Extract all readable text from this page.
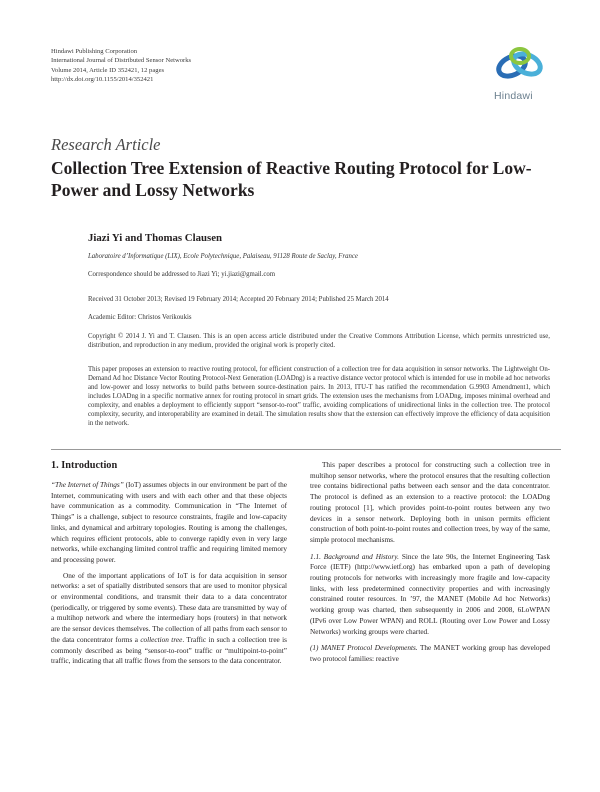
Hindawi Publishing Corporation
International Journal of Distributed Sensor Networks
Volume 2014, Article ID 352421, 12 pages
http://dx.doi.org/10.1155/2014/352421
Hindawi
Research Article
Collection Tree Extension of Reactive Routing Protocol for Low-Power and Lossy Networks
Jiazi Yi and Thomas Clausen
Laboratoire d’Informatique (LIX), Ecole Polytechnique, Palaiseau, 91128 Route de Saclay, France
Correspondence should be addressed to Jiazi Yi; yi.jiazi@gmail.com
Received 31 October 2013; Revised 19 February 2014; Accepted 20 February 2014; Published 25 March 2014
Academic Editor: Christos Verikoukis
Copyright © 2014 J. Yi and T. Clausen. This is an open access article distributed under the Creative Commons Attribution License, which permits unrestricted use, distribution, and reproduction in any medium, provided the original work is properly cited.
This paper proposes an extension to reactive routing protocol, for efficient construction of a collection tree for data acquisition in sensor networks. The Lightweight On-Demand Ad hoc Distance Vector Routing Protocol-Next Generation (LOADng) is a reactive distance vector protocol which is intended for use in mobile ad hoc networks and low-power and lossy networks to build paths between source-destination pairs. In 2013, ITU-T has ratified the recommendation G.9903 Amendment1, which includes LOADng in a specific normative annex for routing protocol in smart grids. The extension uses the mechanisms from LOADng, imposes minimal overhead and complexity, and enables a deployment to efficiently support “sensor-to-root” traffic, avoiding complications of unidirectional links in the collection tree. The protocol complexity, security, and interoperability are examined in detail. The simulation results show that the extension can effectively improve the efficiency of data acquisition in the network.
1. Introduction

“The Internet of Things” (IoT) assumes objects in our environment be part of the Internet, communicating with users and with each other and that these objects have communication as a commodity. Communication in “The Internet of Things” is a challenge, subject to resource constraints, fragile and low-capacity links, and dynamical and arbitrary topologies. Routing is among the challenges, which requires efficient protocols, able to converge rapidly even in very large networks, while exchanging limited control traffic and requiring limited memory and processing power.

One of the important applications of IoT is for data acquisition in sensor networks: a set of spatially distributed sensors that are used to monitor physical or environmental conditions, and transmit their data to a data concentrator (periodically, or triggered by some events). These data are transmitted by way of a multihop network and where the intermediary hops (routers) in that network are the sensor devices themselves. The collection of all paths from each sensor to the data concentrator forms a collection tree. Traffic in such a collection tree is commonly described as being “sensor-to-root” traffic or “multipoint-to-point” traffic, indicating that all traffic flows from the sensors to the data concentrator.

This paper describes a protocol for constructing such a collection tree in multihop sensor networks, where the protocol ensures that the resulting collection tree contains bidirectional paths between each sensor and the data concentrator. The protocol is defined as an extension to a reactive protocol: the LOADng routing protocol [1], which provides point-to-point routes between any two devices in a sensor network. Deploying both in unison permits efficient construction of both point-to-point routes and collection trees, by way of the same, simple protocol mechanisms.

1.1. Background and History. Since the late 90s, the Internet Engineering Task Force (IETF) (http://www.ietf.org) has embarked upon a path of developing routing protocols for networks with increasingly more fragile and low-capacity links, with less predetermined connectivity properties and with increasingly constrained router resources. In ’97, the MANET (Mobile Ad hoc Networks) working group was charted, then subsequently in 2006 and 2008, 6LoWPAN (IPv6 over Low Power WPAN) and ROLL (Routing over Low Power and Lossy Networks) working groups were charted.

(1) MANET Protocol Developments. The MANET working group has developed two protocol families: reactive
